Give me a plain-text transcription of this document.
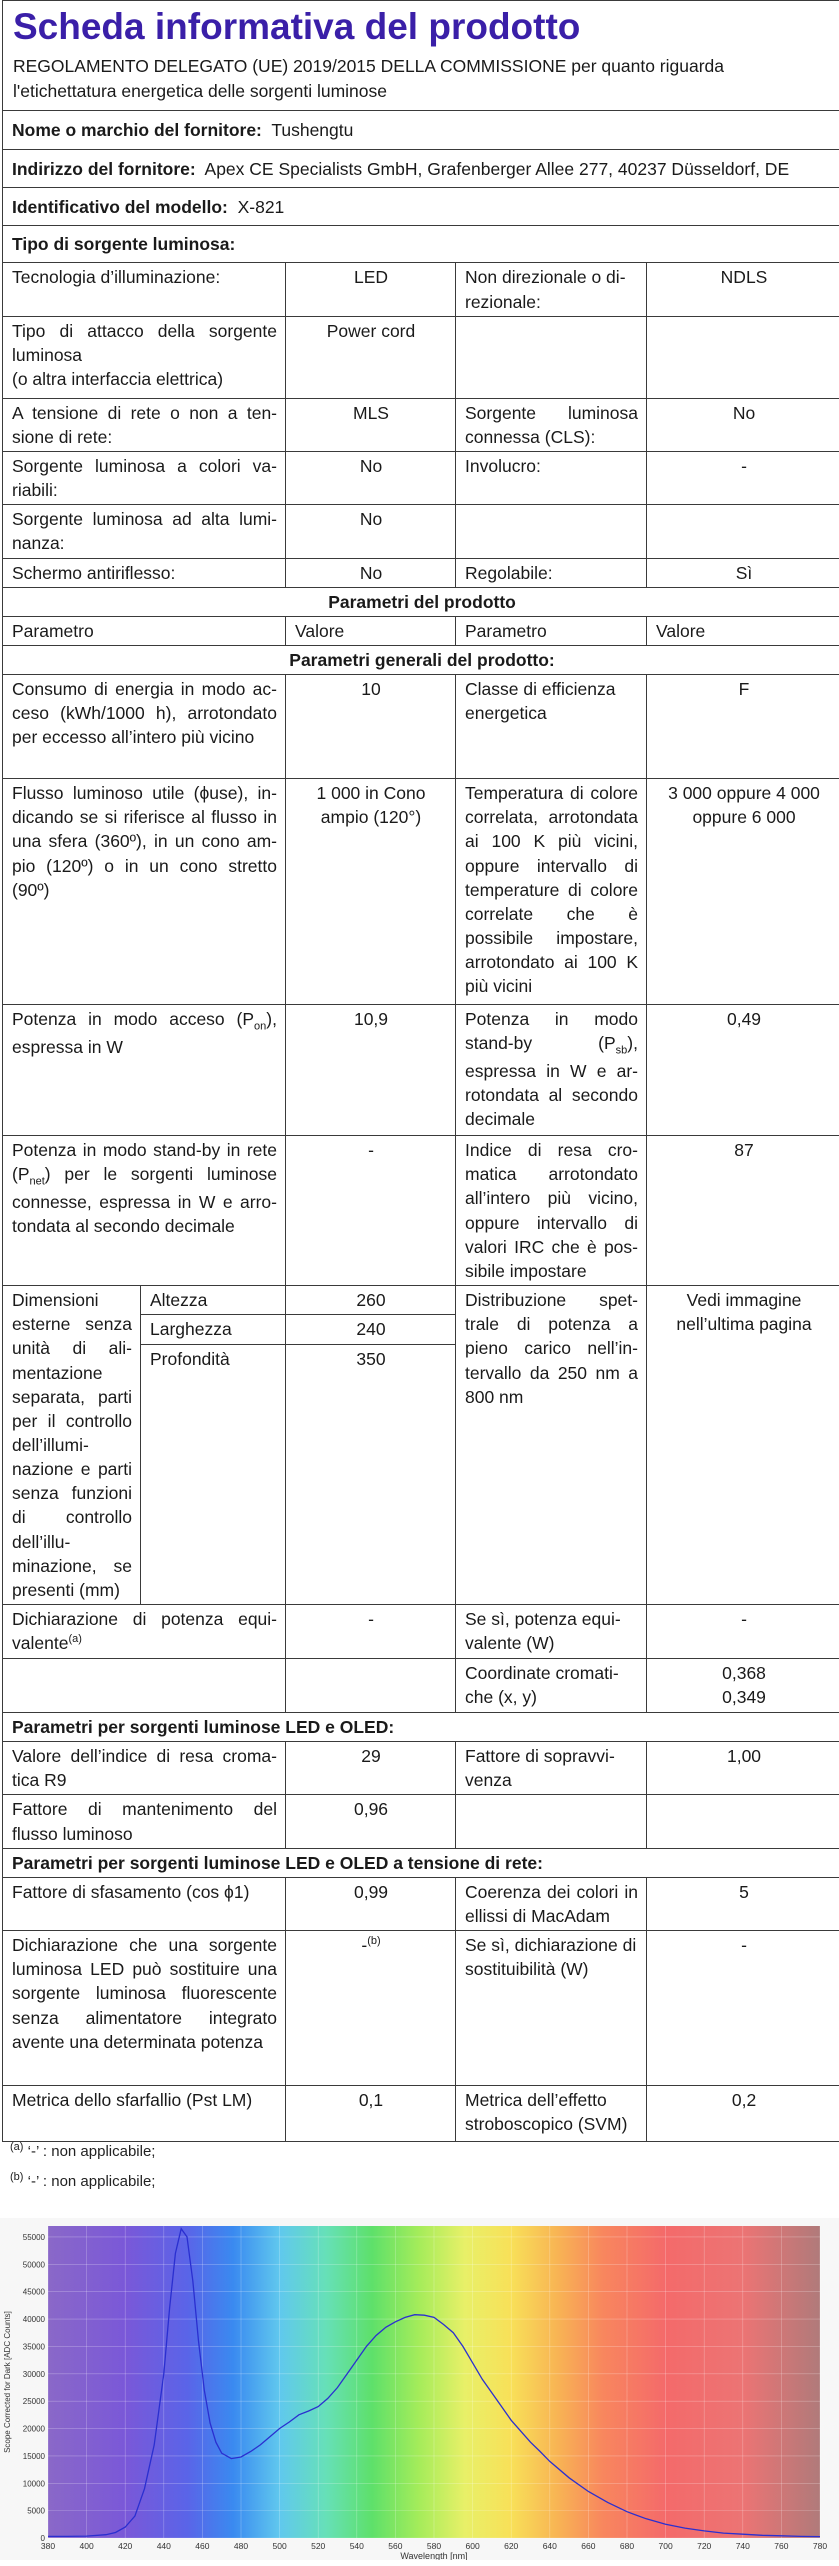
Scheda informativa del prodotto
REGOLAMENTO DELEGATO (UE) 2019/2015 DELLA COMMISSIONE per quanto riguarda l'etichettatura energetica delle sorgenti luminose				

Nome o marchio del fornitore: Tushengtu				
Indirizzo del fornitore: Apex CE Specialists GmbH, Grafenberger Allee 277, 40237 Düsseldorf, DE				
Identificativo del modello: X-821				
Tipo di sorgente luminosa:				
Tecnologia d’illuminazione:		LED	Non direzionale o direzionale:	NDLS
Tipo di attacco della sorgente luminosa
(o altra interfaccia elettrica)		Power cord		
A tensione di rete o non a tensione di rete:		MLS	Sorgente luminosa connessa (CLS):	No
Sorgente luminosa a colori variabili:		No	Involucro:	-
Sorgente luminosa ad alta luminanza:		No		
Schermo antiriflesso:		No	Regolabile:	Sì
Parametri del prodotto				
Parametro		Valore	Parametro	Valore
Parametri generali del prodotto:				
Consumo di energia in modo acceso (kWh/1000 h), arrotondato per eccesso all’intero più vicino		10	Classe di efficienza energetica	F
Flusso luminoso utile (ϕuse), indicando se si riferisce al flusso in una sfera (360º), in un cono ampio (120º) o in un cono stretto (90º)		1 000 in Cono ampio (120°)	Temperatura di colore correlata, arrotondata ai 100 K più vicini, oppure intervallo di temperature di colore correlate che è possibile impostare, arrotondato ai 100 K più vicini	3 000 oppure 4 000 oppure 6 000
Potenza in modo acceso $(P_{on})$, espressa in W		10,9	Potenza in modo stand-by $(P_{sb})$, espressa in W e arrotondata al secondo decimale	0,49
Potenza in modo stand-by in rete $(P_{net})$ per le sorgenti luminose connesse, espressa in W e arrotondata al secondo decimale		-	Indice di resa cromatica arrotondato all’intero più vicino, oppure intervallo di valori IRC che è possibile impostare	87
Dimensioni esterne senza unità di alimentazione separata, parti per il controllo dell’illuminazione e parti senza funzioni di controllo dell’illuminazione, se presenti (mm)	Altezza	260	Distribuzione spettrale di potenza a pieno carico nell’intervallo da 250 nm a 800 nm	Vedi immagine nell’ultima pagina
	Larghezza	240		
	Profondità	350		
Dichiarazione di potenza equivalente$^{(a)}$		-	Se sì, potenza equivalente (W)	-
			Coordinate cromatiche (x, y)	0,368
0,349

Parametri per sorgenti luminose LED e OLED:				
Valore dell’indice di resa cromatica R9		29	Fattore di sopravvivenza	1,00
Fattore di mantenimento del flusso luminoso		0,96		
Parametri per sorgenti luminose LED e OLED a tensione di rete:				
Fattore di sfasamento (cos ϕ1)		0,99	Coerenza dei colori in ellissi di MacAdam	5
Dichiarazione che una sorgente luminosa LED può sostituire una sorgente luminosa fluorescente senza alimentatore integrato avente una determinata potenza		-$^{(b)}$	Se sì, dichiarazione di sostituibilità (W)	-
Metrica dello sfarfallio (Pst LM)		0,1	Metrica dell’effetto stroboscopico (SVM)	0,2
$^{(a)}$ ‘-’ : non applicabile;
$^{(b)}$ ‘-’ : non applicabile;
380	400	420	440	460	480	500	520	540	560	580	600	620	640	660	680	700	720	740	760	780
0
5000
10000
15000
20000
25000
30000
35000
40000
45000
50000
55000
Wavelength [nm]
Scope Corrected for Dark [ADC Counts]
